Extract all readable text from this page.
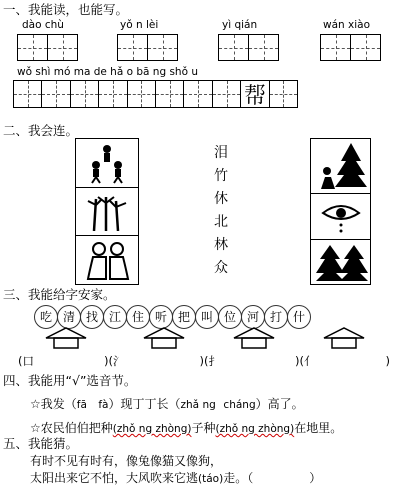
一、我能读，也能写。
dào chù	yǒ n lèi	yì qián	wán xiào
wǒ shì mó ma de hǎ o bā ng shǒ u
帮
二、我会连。
泪
竹
休
北
林
众
三、我能给字安家。
吃 清 找 江 住 听 把 叫 位 河 打 什
(口	)(氵	)(扌	)(亻	)
四、我能用“√”选音节。
☆我发（fā fà）现丁丁长（zhǎ ng cháng）高了。
☆农民伯伯把种(zhǒ ng zhòng)子种(zhǒ ng zhòng)在地里。
五、我能猜。
有时不见有时有，像兔像猫又像狗，
太阳出来它不怕，大风吹来它逃(táo)走。（	）
